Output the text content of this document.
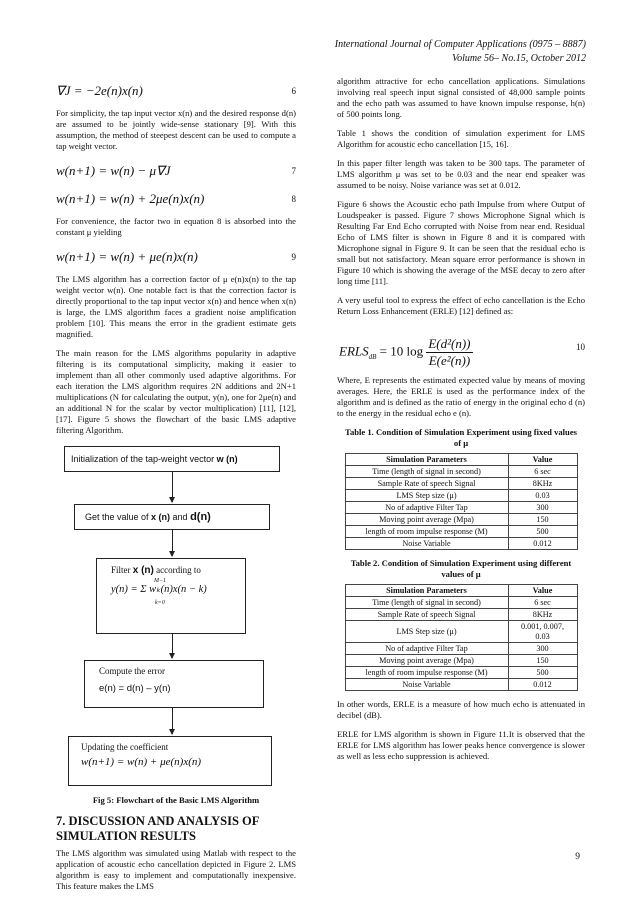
International Journal of Computer Applications (0975 – 8887)
Volume 56– No.15, October 2012
∇J = −2e(n)x(n)	6

For simplicity, the tap input vector x(n) and the desired response d(n) are assumed to be jointly wide-sense stationary [9]. With this assumption, the method of steepest descent can be used to compute a tap weight vector.

w(n+1) = w(n) − μ∇J	7
w(n+1) = w(n) + 2μe(n)x(n)	8

For convenience, the factor two in equation 8 is absorbed into the constant μ yielding

w(n+1) = w(n) + μe(n)x(n)	9

The LMS algorithm has a correction factor of μ e(n)x(n) to the tap weight vector w(n). One notable fact is that the correction factor is directly proportional to the tap input vector x(n) and hence when x(n) is large, the LMS algorithm faces a gradient noise amplification problem [10]. This means the error in the gradient estimate gets magnified.

The main reason for the LMS algorithms popularity in adaptive filtering is its computational simplicity, making it easier to implement than all other commonly used adaptive algorithms. For each iteration the LMS algorithm requires 2N additions and 2N+1 multiplications (N for calculating the output, y(n), one for 2μe(n) and an additional N for the scalar by vector multiplication) [11], [12], [17]. Figure 5 shows the flowchart of the basic LMS adaptive filtering Algorithm.

Initialization of the tap-weight vector w (n)
Get the value of x (n) and d(n)
Filter x (n) according to
M−1
y(n) = Σ wₖ(n)x(n − k)
k=0
Compute the error
e(n) = d(n) – y(n)
Updating the coefficient
w(n+1) = w(n) + μe(n)x(n)
Fig 5: Flowchart of the Basic LMS Algorithm
7. DISCUSSION AND ANALYSIS OF SIMULATION RESULTS

The LMS algorithm was simulated using Matlab with respect to the application of acoustic echo cancellation depicted in Figure 2. LMS algorithm is easy to implement and computationally inexpensive. This feature makes the LMS

algorithm attractive for echo cancellation applications. Simulations involving real speech input signal consisted of 48,000 sample points and the echo path was assumed to have known impulse response, h(n) of 500 points long.

Table 1 shows the condition of simulation experiment for LMS Algorithm for acoustic echo cancellation [15, 16].

In this paper filter length was taken to be 300 taps. The parameter of LMS algorithm μ was set to be 0.03 and the near end speaker was assumed to be noisy. Noise variance was set at 0.012.

Figure 6 shows the Acoustic echo path Impulse from where Output of Loudspeaker is passed. Figure 7 shows Microphone Signal which is Resulting Far End Echo corrupted with Noise from near end. Residual Echo of LMS filter is shown in Figure 8 and it is compared with Microphone signal in Figure 9. It can be seen that the residual echo is small but not satisfactory. Mean square error performance is shown in Figure 10 which is showing the average of the MSE decay to zero after long time [11].

A very useful tool to express the effect of echo cancellation is the Echo Return Loss Enhancement (ERLE) [12] defined as:

$ERLS_{dB} = 10$ $\log \frac{\text{E(d²(n))}}{\text{E(e²(n))}}$	10

Where, E represents the estimated expected value by means of moving averages. Here, the ERLE is used as the performance index of the algorithm and is defined as the ratio of energy in the original echo d (n) to the energy in the residual echo e (n).

Table 1. Condition of Simulation Experiment using fixed values of μ
Simulation Parameters	Value
Time (length of signal in second)	6 sec
Sample Rate of speech Signal	8KHz
LMS Step size (μ)	0.03
No of adaptive Filter Tap	300
Moving point average (Mpa)	150
length of room impulse response (M)	500
Noise Variable	0.012
Table 2. Condition of Simulation Experiment using different values of μ
Simulation Parameters	Value
Time (length of signal in second)	6 sec
Sample Rate of speech Signal	8KHz
LMS Step size (μ)	0.001, 0.007, 0.03
No of adaptive Filter Tap	300
Moving point average (Mpa)	150
length of room impulse response (M)	500
Noise Variable	0.012

In other words, ERLE is a measure of how much echo is attenuated in decibel (dB).

ERLE for LMS algorithm is shown in Figure 11.It is observed that the ERLE for LMS algorithm has lower peaks hence convergence is slower as well as less echo suppression is achieved.

9
